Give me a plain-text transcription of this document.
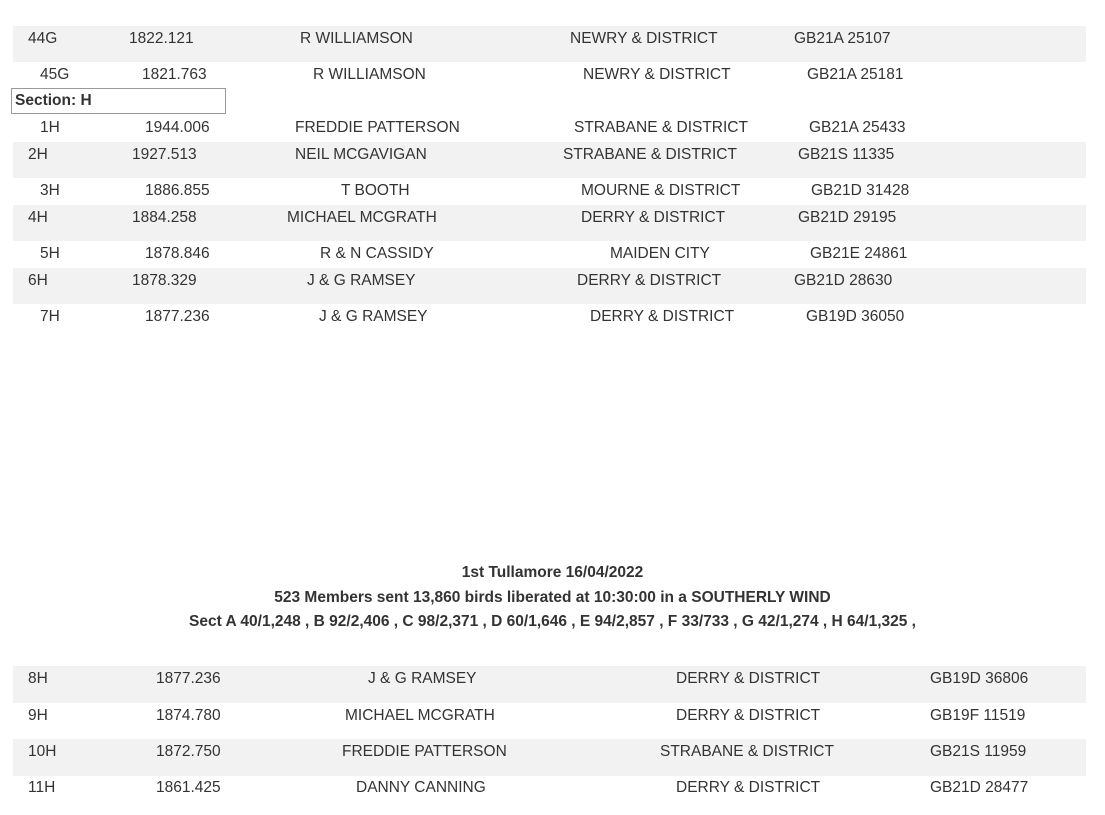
44G	1822.121	R WILLIAMSON	NEWRY & DISTRICT	GB21A 25107
45G	1821.763	R WILLIAMSON	NEWRY & DISTRICT	GB21A 25181
Section: H
1H	1944.006	FREDDIE PATTERSON	STRABANE & DISTRICT	GB21A 25433
2H	1927.513	NEIL MCGAVIGAN	STRABANE & DISTRICT	GB21S 11335
3H	1886.855	T BOOTH	MOURNE & DISTRICT	GB21D 31428
4H	1884.258	MICHAEL MCGRATH	DERRY & DISTRICT	GB21D 29195
5H	1878.846	R & N CASSIDY	MAIDEN CITY	GB21E 24861
6H	1878.329	J & G RAMSEY	DERRY & DISTRICT	GB21D 28630
7H	1877.236	J & G RAMSEY	DERRY & DISTRICT	GB19D 36050
1st Tullamore 16/04/2022
523 Members sent 13,860 birds liberated at 10:30:00 in a SOUTHERLY WIND
Sect A 40/1,248 , B 92/2,406 , C 98/2,371 , D 60/1,646 , E 94/2,857 , F 33/733 , G 42/1,274 , H 64/1,325 ,
8H	1877.236	J & G RAMSEY	DERRY & DISTRICT	GB19D 36806
9H	1874.780	MICHAEL MCGRATH	DERRY & DISTRICT	GB19F 11519
10H	1872.750	FREDDIE PATTERSON	STRABANE & DISTRICT	GB21S 11959
11H	1861.425	DANNY CANNING	DERRY & DISTRICT	GB21D 28477
